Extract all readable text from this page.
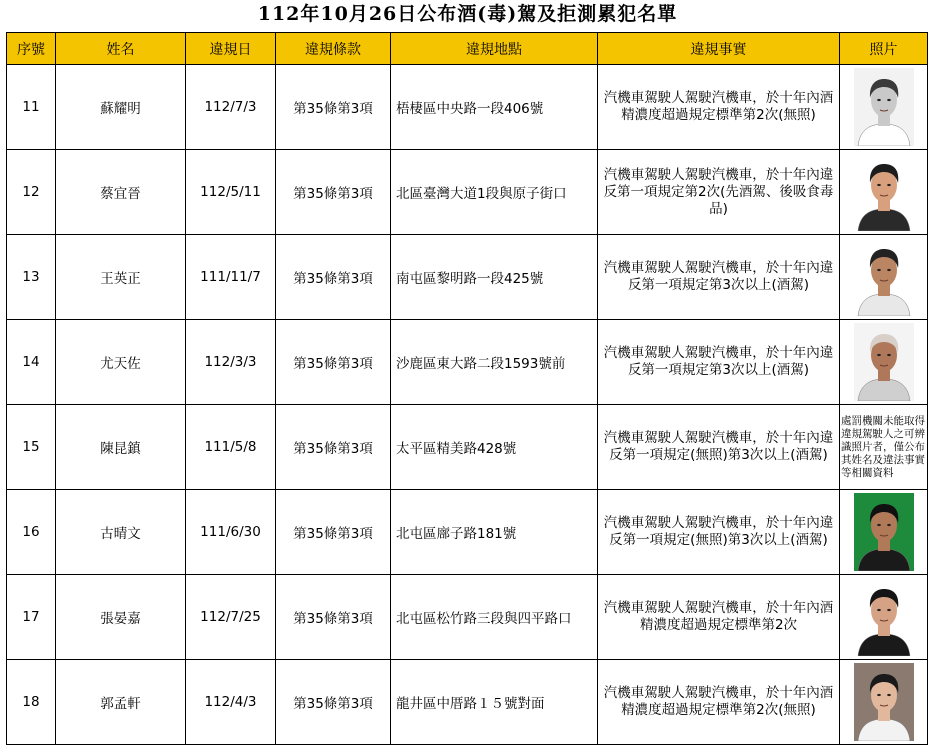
112年10月26日公布酒(毒)駕及拒測累犯名單
序號	姓名	違規日	違規條款	違規地點	違規事實	照片
11	蘇耀明	112/7/3	第35條第3項	梧棲區中央路一段406號	汽機車駕駛人駕駛汽機車，於十年內酒精濃度超過規定標準第2次(無照)	

12	蔡宜晉	112/5/11	第35條第3項	北區臺灣大道1段與原子街口	汽機車駕駛人駕駛汽機車，於十年內違反第一項規定第2次(先酒駕、後吸食毒品)	

13	王英正	111/11/7	第35條第3項	南屯區黎明路一段425號	汽機車駕駛人駕駛汽機車，於十年內違反第一項規定第3次以上(酒駕)	

14	尤天佐	112/3/3	第35條第3項	沙鹿區東大路二段1593號前	汽機車駕駛人駕駛汽機車，於十年內違反第一項規定第3次以上(酒駕)	

15	陳昆鎮	111/5/8	第35條第3項	太平區精美路428號	汽機車駕駛人駕駛汽機車，於十年內違反第一項規定(無照)第3次以上(酒駕)	處罰機關未能取得違規駕駛人之可辨識照片者，僅公布 其姓名及違法事實等相關資料

16	古晴文	111/6/30	第35條第3項	北屯區廍子路181號	汽機車駕駛人駕駛汽機車，於十年內違反第一項規定(無照)第3次以上(酒駕)	

17	張晏嘉	112/7/25	第35條第3項	北屯區松竹路三段與四平路口	汽機車駕駛人駕駛汽機車，於十年內酒精濃度超過規定標準第2次	

18	郭孟軒	112/4/3	第35條第3項	龍井區中厝路１５號對面	汽機車駕駛人駕駛汽機車，於十年內酒精濃度超過規定標準第2次(無照)	
